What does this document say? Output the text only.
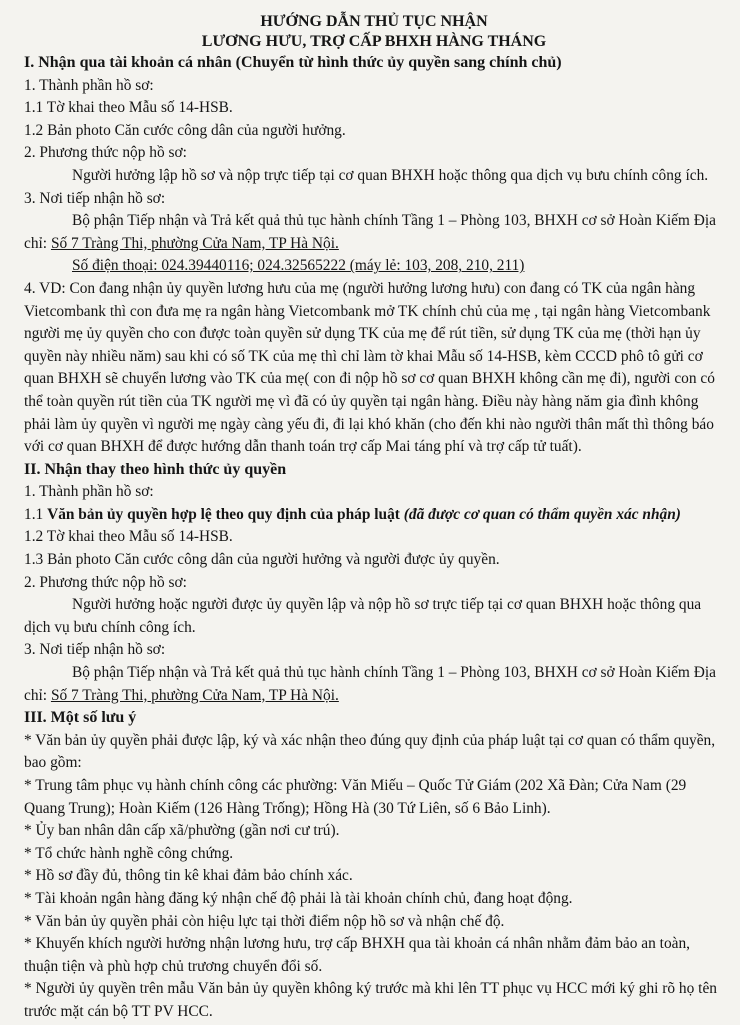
HƯỚNG DẪN THỦ TỤC NHẬN

LƯƠNG HƯU, TRỢ CẤP BHXH HÀNG THÁNG

I. Nhận qua tài khoản cá nhân (Chuyển từ hình thức ủy quyền sang chính chủ)

1. Thành phần hồ sơ:

1.1 Tờ khai theo Mẫu số 14-HSB.

1.2 Bản photo Căn cước công dân của người hưởng.

2. Phương thức nộp hồ sơ:

Người hưởng lập hồ sơ và nộp trực tiếp tại cơ quan BHXH hoặc thông qua dịch vụ bưu chính công ích.

3. Nơi tiếp nhận hồ sơ:

Bộ phận Tiếp nhận và Trả kết quả thủ tục hành chính Tầng 1 – Phòng 103, BHXH cơ sở Hoàn Kiếm Địa chỉ: Số 7 Tràng Thi, phường Cửa Nam, TP Hà Nội.

Số điện thoại: 024.39440116; 024.32565222 (máy lẻ: 103, 208, 210, 211)

4. VD: Con đang nhận ủy quyền lương hưu của mẹ (người hưởng lương hưu) con đang có TK của ngân hàng Vietcombank thì con đưa mẹ ra ngân hàng Vietcombank mở TK chính chủ của mẹ , tại ngân hàng Vietcombank người mẹ ủy quyền cho con được toàn quyền sử dụng TK của mẹ để rút tiền, sử dụng TK của mẹ (thời hạn ủy quyền này nhiều năm) sau khi có số TK của mẹ thì chỉ làm tờ khai Mẫu số 14-HSB, kèm CCCD phô tô gửi cơ quan BHXH sẽ chuyển lương vào TK của mẹ( con đi nộp hồ sơ cơ quan BHXH không cần mẹ đi), người con có thể toàn quyền rút tiền của TK người mẹ vì đã có ủy quyền tại ngân hàng. Điều này hàng năm gia đình không phải làm ủy quyền vì người mẹ ngày càng yếu đi, đi lại khó khăn (cho đến khi nào người thân mất thì thông báo với cơ quan BHXH để được hướng dẫn thanh toán trợ cấp Mai táng phí và trợ cấp tử tuất).

II. Nhận thay theo hình thức ủy quyền

1. Thành phần hồ sơ:

1.1 Văn bản ủy quyền hợp lệ theo quy định của pháp luật (đã được cơ quan có thẩm quyền xác nhận)

1.2 Tờ khai theo Mẫu số 14-HSB.

1.3 Bản photo Căn cước công dân của người hưởng và người được ủy quyền.

2. Phương thức nộp hồ sơ:

Người hưởng hoặc người được ủy quyền lập và nộp hồ sơ trực tiếp tại cơ quan BHXH hoặc thông qua dịch vụ bưu chính công ích.

3. Nơi tiếp nhận hồ sơ:

Bộ phận Tiếp nhận và Trả kết quả thủ tục hành chính Tầng 1 – Phòng 103, BHXH cơ sở Hoàn Kiếm Địa chỉ: Số 7 Tràng Thi, phường Cửa Nam, TP Hà Nội.

III. Một số lưu ý

* Văn bản ủy quyền phải được lập, ký và xác nhận theo đúng quy định của pháp luật tại cơ quan có thẩm quyền, bao gồm:

* Trung tâm phục vụ hành chính công các phường: Văn Miếu – Quốc Tử Giám (202 Xã Đàn; Cửa Nam (29 Quang Trung); Hoàn Kiếm (126 Hàng Trống); Hồng Hà (30 Tứ Liên, số 6 Bảo Linh).

* Ủy ban nhân dân cấp xã/phường (gần nơi cư trú).

* Tổ chức hành nghề công chứng.

* Hồ sơ đầy đủ, thông tin kê khai đảm bảo chính xác.

* Tài khoản ngân hàng đăng ký nhận chế độ phải là tài khoản chính chủ, đang hoạt động.

* Văn bản ủy quyền phải còn hiệu lực tại thời điểm nộp hồ sơ và nhận chế độ.

* Khuyến khích người hưởng nhận lương hưu, trợ cấp BHXH qua tài khoản cá nhân nhằm đảm bảo an toàn, thuận tiện và phù hợp chủ trương chuyển đổi số.

* Người ủy quyền trên mẫu Văn bản ủy quyền không ký trước mà khi lên TT phục vụ HCC mới ký ghi rõ họ tên trước mặt cán bộ TT PV HCC.
